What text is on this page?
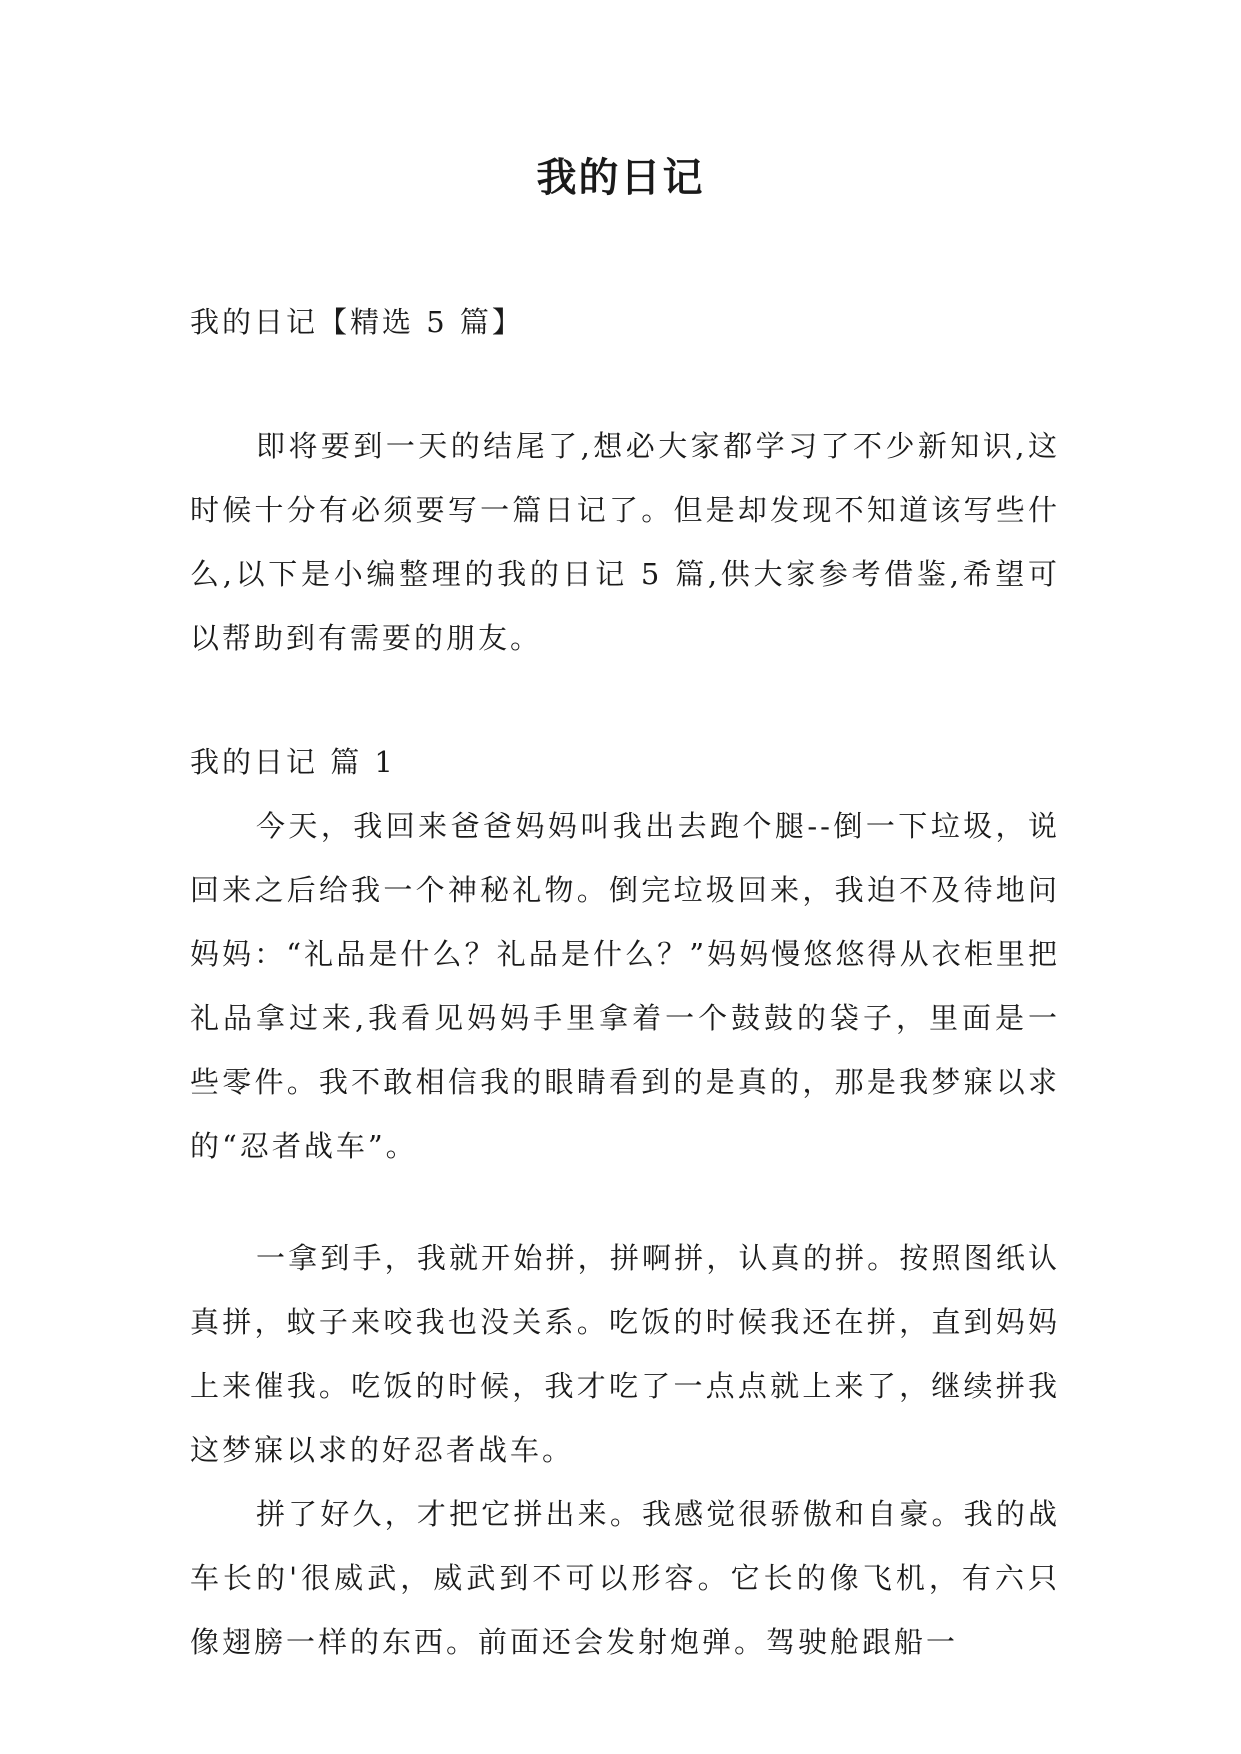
我的日记

我的日记【精选 5 篇】

即将要到一天的结尾了,想必大家都学习了不少新知识,这时候十分有必须要写一篇日记了。但是却发现不知道该写些什么,以下是小编整理的我的日记 5 篇,供大家参考借鉴,希望可以帮助到有需要的朋友。

我的日记 篇 1

今天，我回来爸爸妈妈叫我出去跑个腿--倒一下垃圾，说回来之后给我一个神秘礼物。倒完垃圾回来，我迫不及待地问妈妈：“礼品是什么？礼品是什么？”妈妈慢悠悠得从衣柜里把礼品拿过来,我看见妈妈手里拿着一个鼓鼓的袋子，里面是一些零件。我不敢相信我的眼睛看到的是真的，那是我梦寐以求的“忍者战车”。

一拿到手，我就开始拼，拼啊拼，认真的拼。按照图纸认真拼，蚊子来咬我也没关系。吃饭的时候我还在拼，直到妈妈上来催我。吃饭的时候，我才吃了一点点就上来了，继续拼我这梦寐以求的好忍者战车。

拼了好久，才把它拼出来。我感觉很骄傲和自豪。我的战车长的'很威武，威武到不可以形容。它长的像飞机，有六只像翅膀一样的东西。前面还会发射炮弹。驾驶舱跟船一
